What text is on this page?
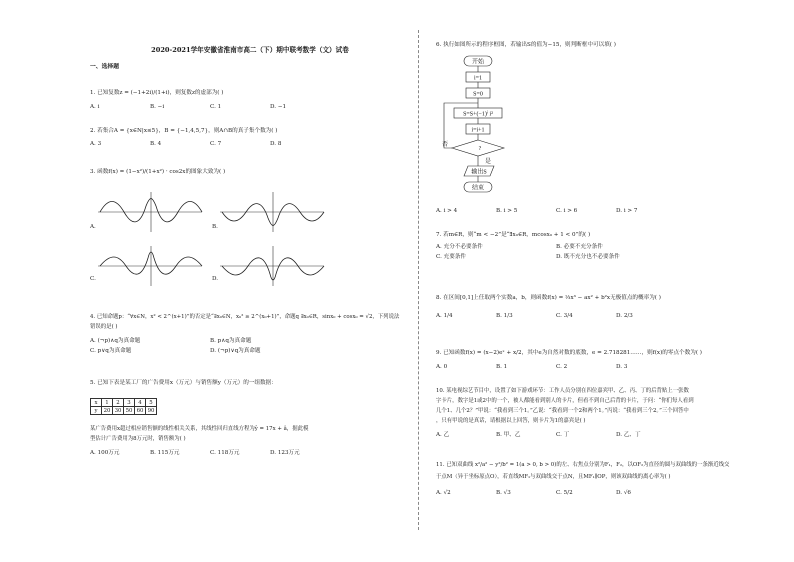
2020-2021学年安徽省淮南市高二（下）期中联考数学（文）试卷
一、选择题
1. 已知复数z = (−1+2i)/(1+i)，则复数z的虚部为( )
A. i	B. −i	C. 1	D. −1
2. 若集合A = {x∈N|x≤5}，B = {−1,4,5,7}，则A∩B的真子集个数为( )
A. 3	B. 4	C. 7	D. 8
3. 函数f(x) = (1−x²)/(1+x²) · cos2x的图象大致为( )
A.	B.
C.	D.
4. 已知命题p：“∀x∈N，x² < 2^(x+1)”的否定是“∃x₀∈N，x₀² ≥ 2^(x₀+1)”，命题q ∃x₀∈R，sinx₀ + cosx₀ = √2，下列说法
错误的是( )
A. (¬p)∧q为真命题	B. p∧q为真命题
C. p∨q为真命题	D. (¬p)∨q为真命题
5. 已知下表是某工厂的广告费用x（万元）与销售额y（万元）的一组数据：
x	1	2	3	4	5
y	20	30	50	60	90
某广告费用x超过相应销售额的线性相关关系，其线性回归直线方程为ŷ = 17x + â，据此模
型估计广告费用为8万元时，销售额为( )
A. 100万元	B. 115万元	C. 118万元	D. 123万元
6. 执行如图所示的程序框图，若输出S的值为−15，则判断框中可以填( )
开始
i=1
S=0
S=S+(−1)ⁱ i²
i=i+1
?
否
是
输出S
结束
A. i > 4	B. i > 5	C. i > 6	D. i > 7
7. 若m∈R，则“m < −2”是“∃x₀∈R，mcosx₀ + 1 < 0”的( )
A. 充分不必要条件	B. 必要不充分条件
C. 充要条件	D. 既不充分也不必要条件
8. 在区间[0,1]上任取两个实数a，b，则函数f(x) = ⅓x³ − ax² + b²x无极值点的概率为( )
A. 1/4	B. 1/3	C. 3/4	D. 2/3
9. 已知函数f(x) = (x−2)eˣ + x/2，其中e为自然对数的底数，e = 2.718281……，则f(x)的零点个数为( )
A. 0	B. 1	C. 2	D. 3
10. 某电视综艺节目中，设置了如下游戏环节：工作人员分别在四位嘉宾甲、乙、丙、丁的后背贴上一张数
字卡片，数字是1或2中的一个，被人都能看到别人的卡片，但看不到自己后背的卡片，于问：“你们每人看到
几个1、几个2？”甲说：“我看到三个1。”乙说：“我看到一个2和两个1。”丙说：“我看到三个2。”三个回答中
，只有甲说的是真话，请根据以上回答，则卡片为1的嘉宾是( )
A. 乙	B. 甲、乙	C. 丁	D. 乙、丁
11. 已知双曲线 x²/a² − y²/b² = 1(a > 0, b > 0)的左、右焦点分别为F₁，F₂，以OF₂为直径的圆与双曲线的一条渐近线交
于点M（异于坐标原点O），若直线MF₁与双曲线交于点N，且MF₁∥OP，则该双曲线的离心率为( )
A. √2	B. √3	C. 5/2	D. √6
